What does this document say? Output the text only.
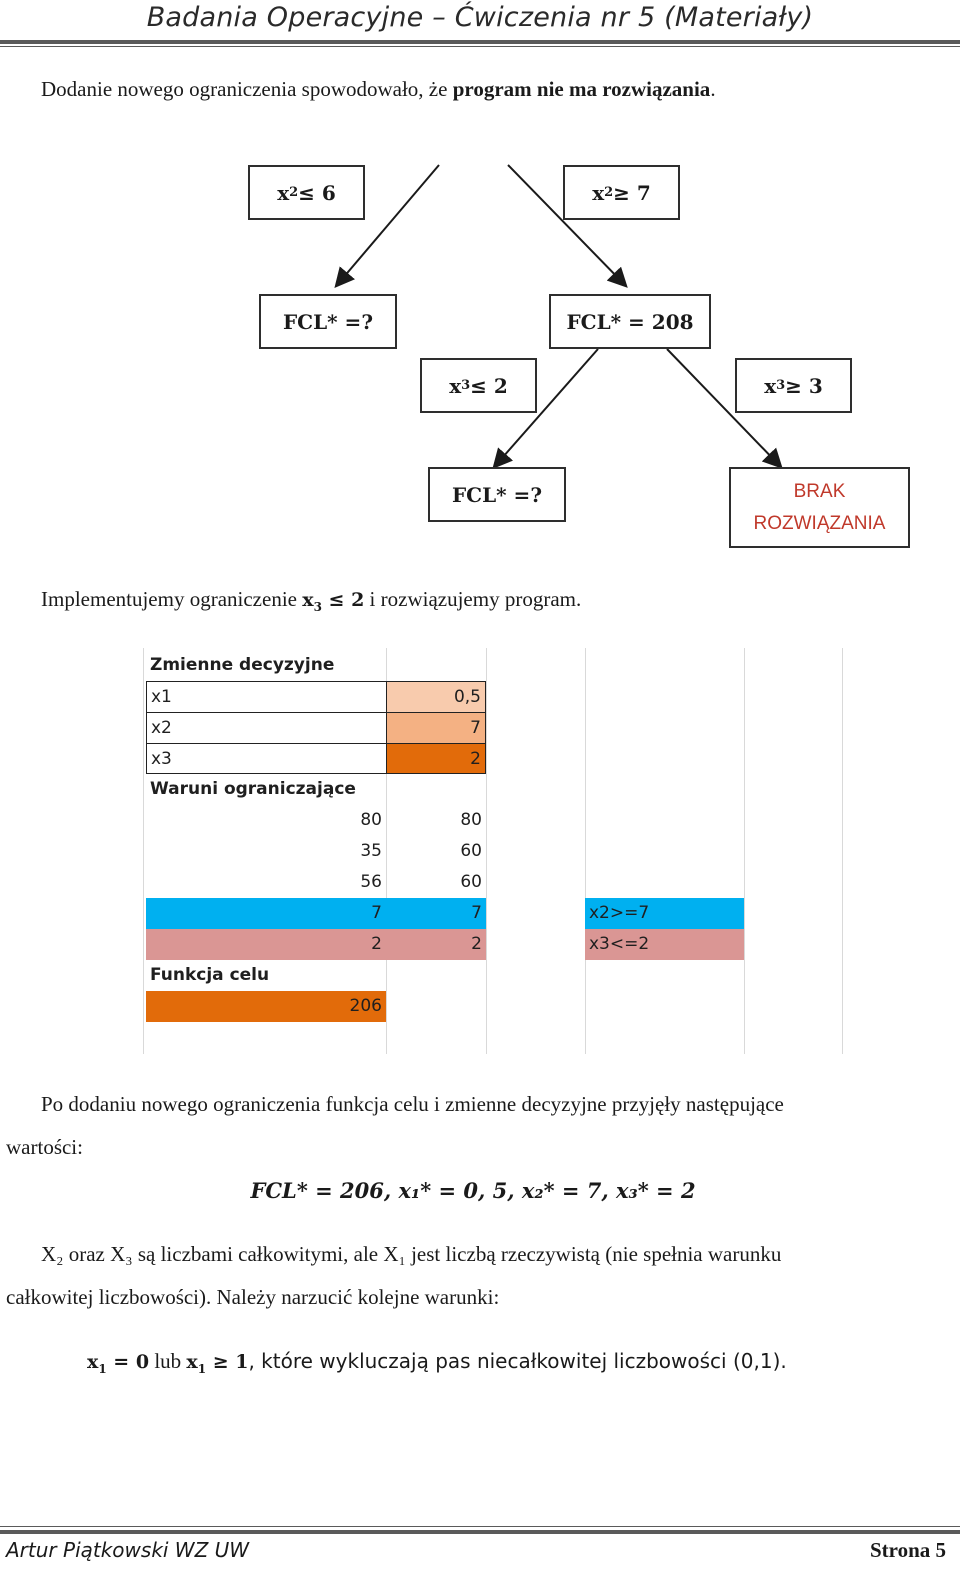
Badania Operacyjne – Ćwiczenia nr 5 (Materiały)
Dodanie nowego ograniczenia spowodowało, że program nie ma rozwiązania.
x 2 ≤ 6	x 2 ≥ 7
FCL* =?	FCL* = 208
x 3 ≤ 2	x 3 ≥ 3
FCL* =?	BRAK
ROZWIĄZANIA
Implementujemy ograniczenie $x_3 \le 2$ i rozwiązujemy program.
Zmienne decyzyjne
x1	0,5
x2	7
x3	2
Waruni ograniczające
80	80
35	60
56	60
7	7	x2>=7
2	2	x3<=2
Funkcja celu
206
Po dodaniu nowego ograniczenia funkcja celu i zmienne decyzyjne przyjęły następujące
wartości:
FCL* = 206, x₁* = 0, 5, x₂* = 7, x₃* = 2
X₂ oraz X₃ są liczbami całkowitymi, ale X₁ jest liczbą rzeczywistą (nie spełnia warunku
całkowitej liczbowości). Należy narzucić kolejne warunki:
$x_1 = 0$ lub $x_1 \ge 1$, które wykluczają pas niecałkowitej liczbowości (0,1).
Artur Piątkowski WZ UW	Strona 5
